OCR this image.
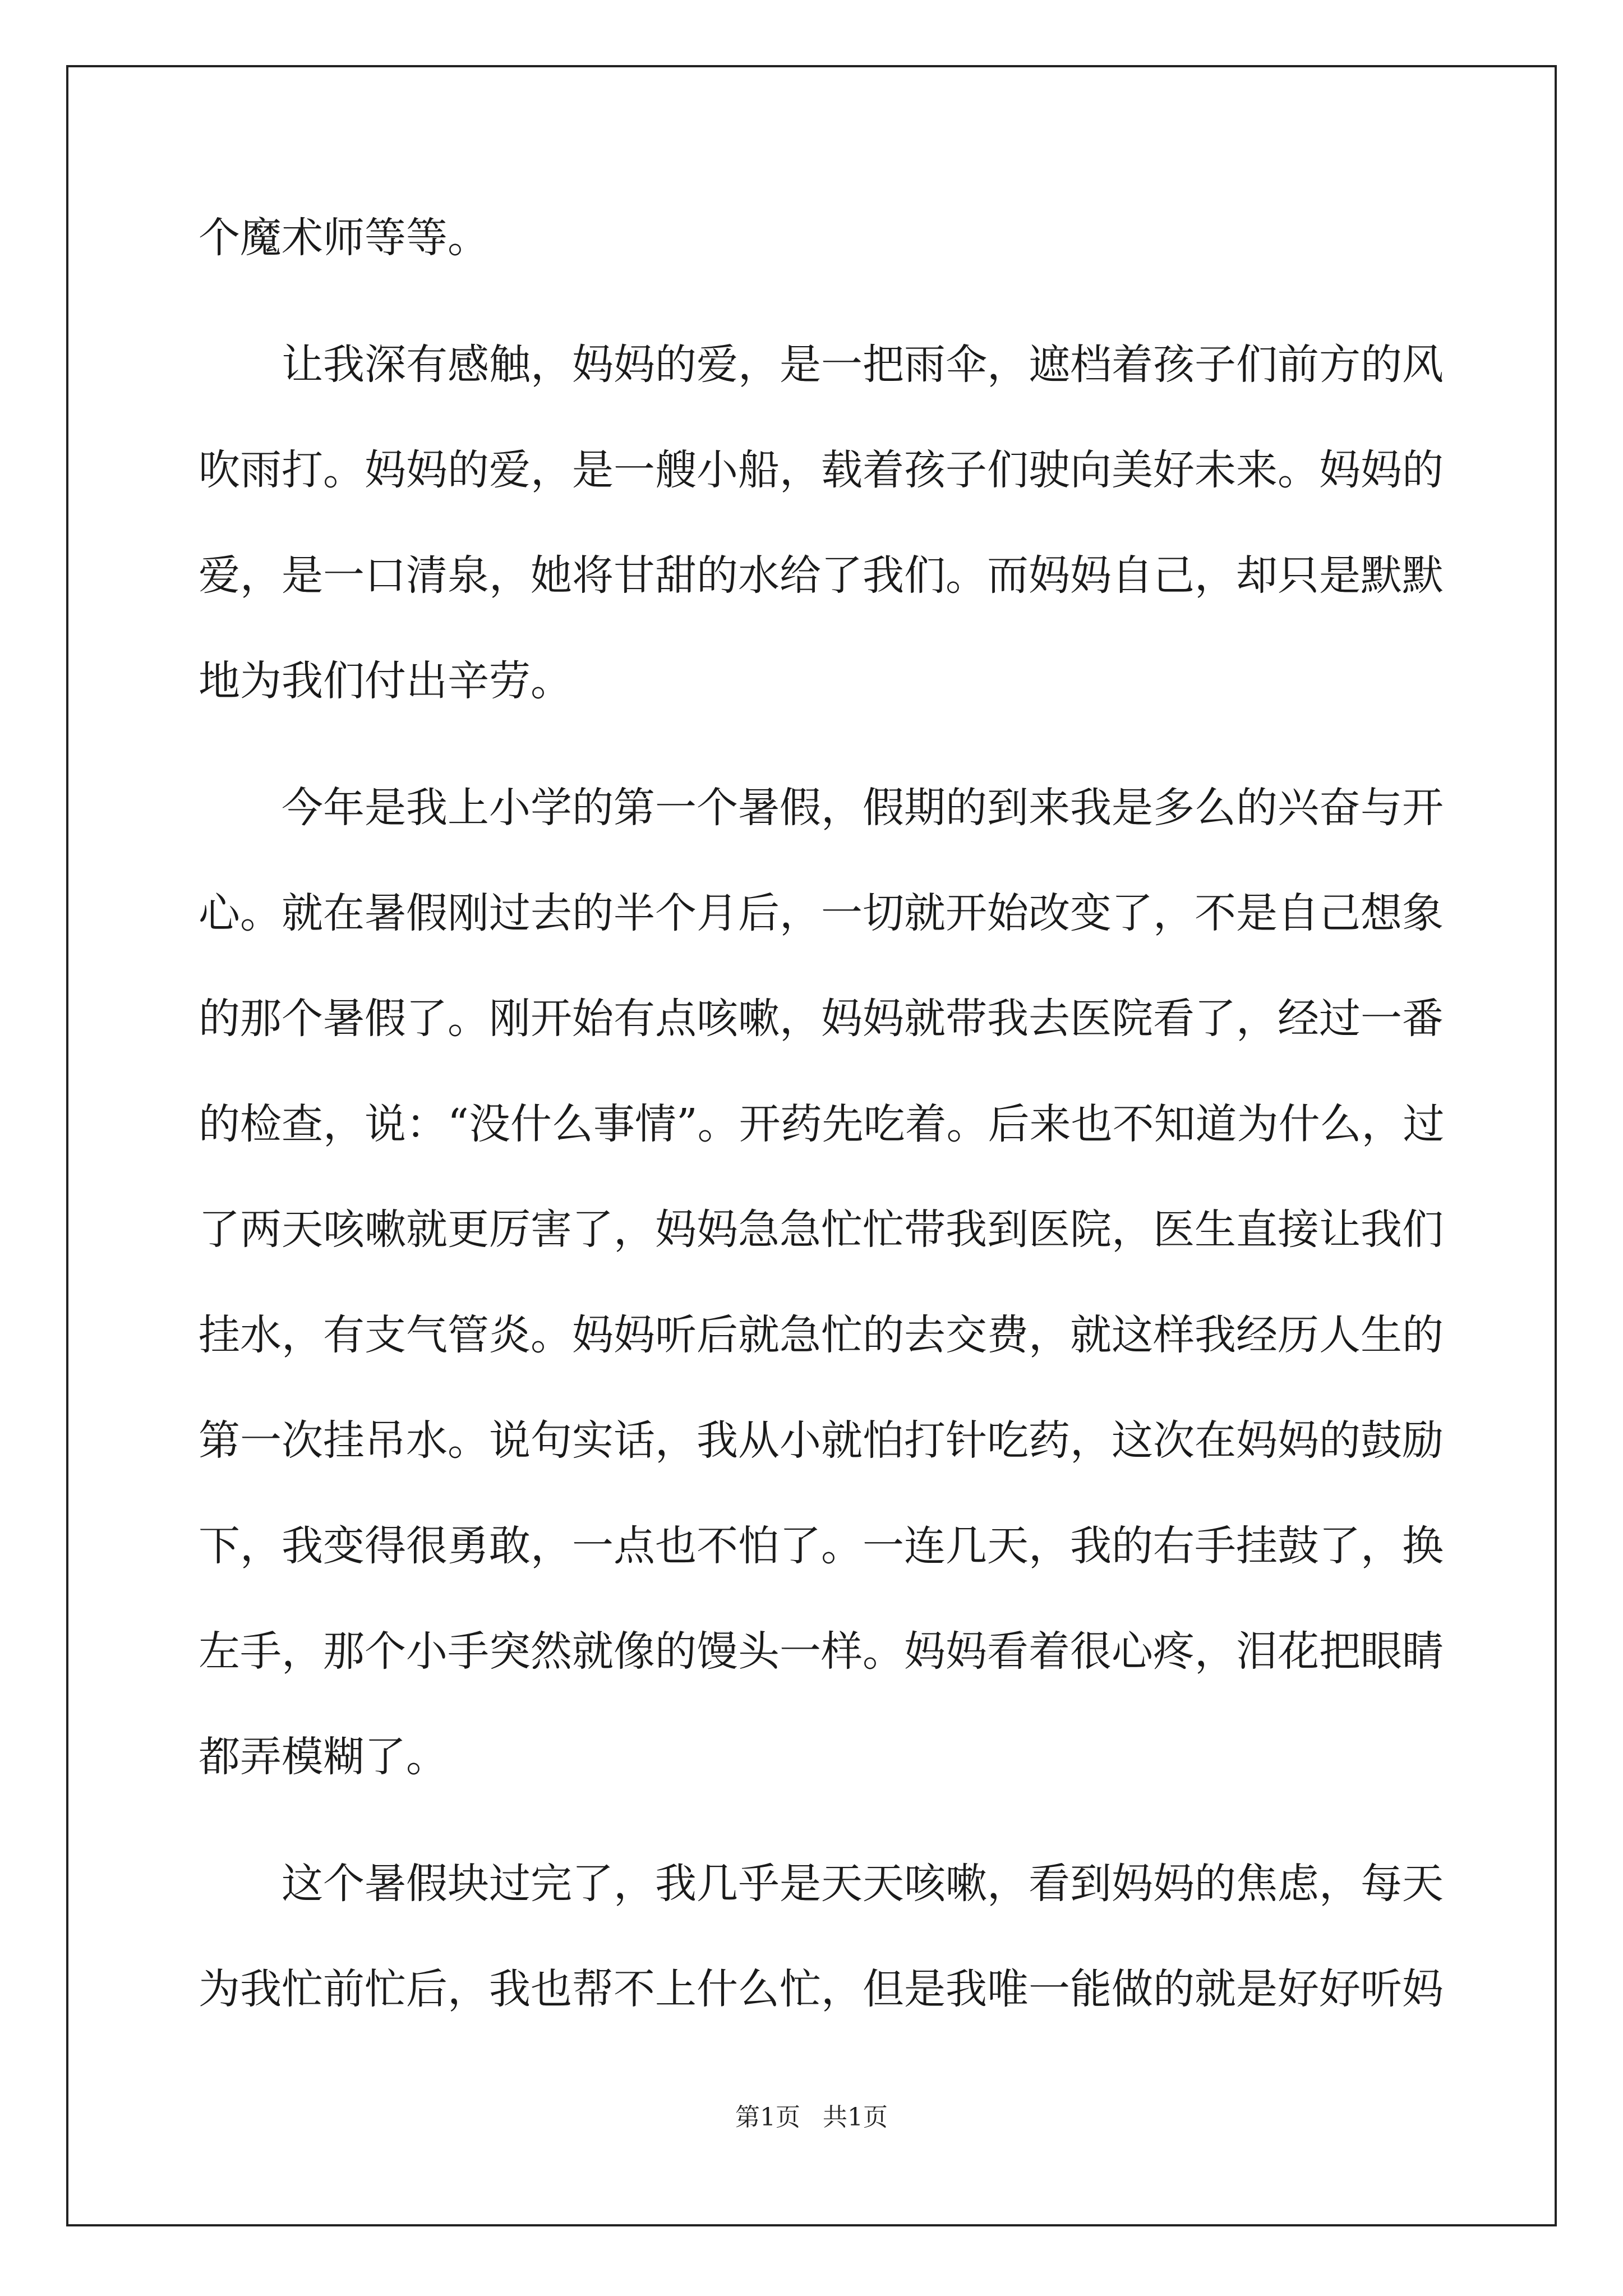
个魔术师等等。
让我深有感触，妈妈的爱，是一把雨伞，遮档着孩子们前方的风
吹雨打。妈妈的爱，是一艘小船，载着孩子们驶向美好未来。妈妈的
爱，是一口清泉，她将甘甜的水给了我们。而妈妈自己，却只是默默
地为我们付出辛劳。
今年是我上小学的第一个暑假，假期的到来我是多么的兴奋与开
心。就在暑假刚过去的半个月后，一切就开始改变了，不是自己想象
的那个暑假了。刚开始有点咳嗽，妈妈就带我去医院看了，经过一番
的检查，说：“没什么事情”。开药先吃着。后来也不知道为什么，过
了两天咳嗽就更厉害了，妈妈急急忙忙带我到医院，医生直接让我们
挂水，有支气管炎。妈妈听后就急忙的去交费，就这样我经历人生的
第一次挂吊水。说句实话，我从小就怕打针吃药，这次在妈妈的鼓励
下，我变得很勇敢，一点也不怕了。一连几天，我的右手挂鼓了，换
左手，那个小手突然就像的馒头一样。妈妈看着很心疼，泪花把眼睛
都弄模糊了。
这个暑假块过完了，我几乎是天天咳嗽，看到妈妈的焦虑，每天
为我忙前忙后，我也帮不上什么忙，但是我唯一能做的就是好好听妈
第1页 共1页
